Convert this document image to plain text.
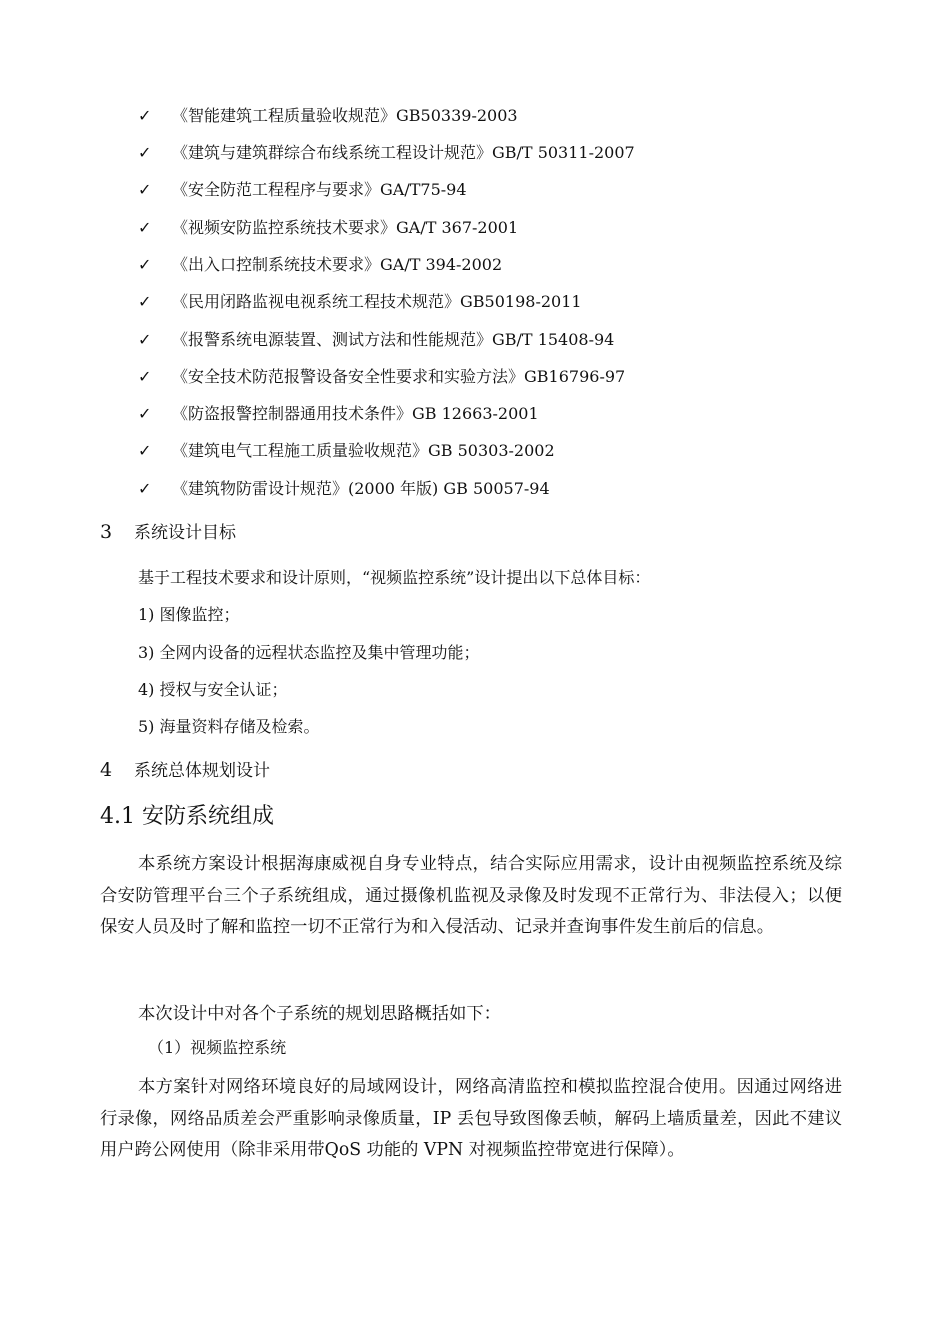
✓ 《智能建筑工程质量验收规范》GB50339-2003
✓ 《建筑与建筑群综合布线系统工程设计规范》GB/T 50311-2007
✓ 《安全防范工程程序与要求》GA/T75-94
✓ 《视频安防监控系统技术要求》GA/T 367-2001
✓ 《出入口控制系统技术要求》GA/T 394-2002
✓ 《民用闭路监视电视系统工程技术规范》GB50198-2011
✓ 《报警系统电源装置、测试方法和性能规范》GB/T 15408-94
✓ 《安全技术防范报警设备安全性要求和实验方法》GB16796-97
✓ 《防盗报警控制器通用技术条件》GB 12663-2001
✓ 《建筑电气工程施工质量验收规范》GB 50303-2002
✓ 《建筑物防雷设计规范》(2000 年版) GB 50057-94
3 系统设计目标
基于工程技术要求和设计原则，“视频监控系统”设计提出以下总体目标：
1) 图像监控；
3) 全网内设备的远程状态监控及集中管理功能；
4) 授权与安全认证；
5) 海量资料存储及检索。
4 系统总体规划设计
4.1 安防系统组成
本系统方案设计根据海康威视自身专业特点，结合实际应用需求，设计由视频监控系统及综合安防管理平台三个子系统组成，通过摄像机监视及录像及时发现不正常行为、非法侵入；以便保安人员及时了解和监控一切不正常行为和入侵活动、记录并查询事件发生前后的信息。
本次设计中对各个子系统的规划思路概括如下：
（1）视频监控系统
本方案针对网络环境良好的局域网设计，网络高清监控和模拟监控混合使用。因通过网络进行录像，网络品质差会严重影响录像质量，IP 丢包导致图像丢帧，解码上墙质量差，因此不建议用户跨公网使用（除非采用带QoS 功能的 VPN 对视频监控带宽进行保障）。
